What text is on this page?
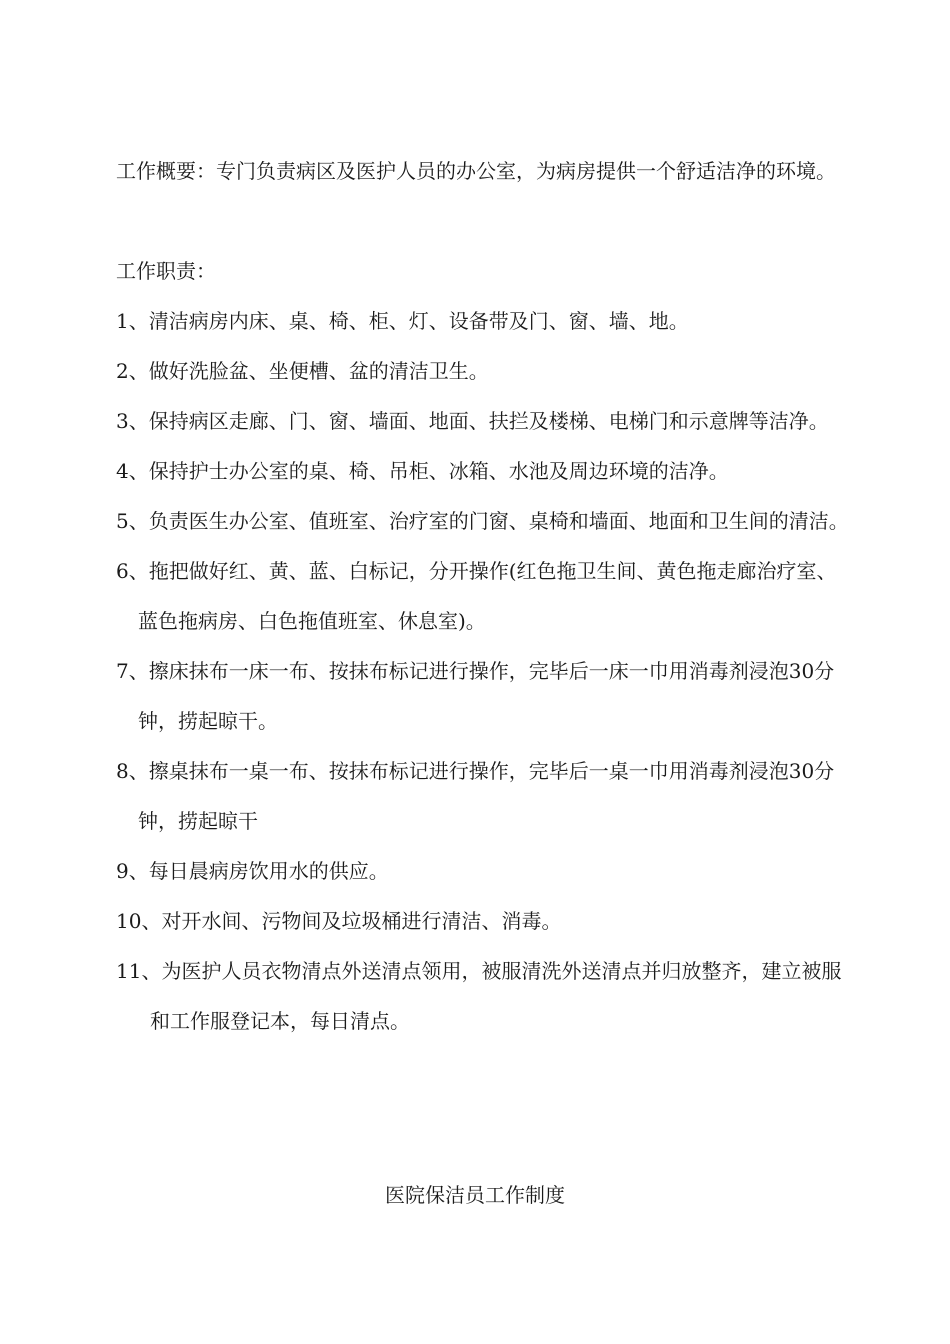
工作概要：专门负责病区及医护人员的办公室，为病房提供一个舒适洁净的环境。

工作职责：

1、清洁病房内床、桌、椅、柜、灯、设备带及门、窗、墙、地。
2、做好洗脸盆、坐便槽、盆的清洁卫生。
3、保持病区走廊、门、窗、墙面、地面、扶拦及楼梯、电梯门和示意牌等洁净。
4、保持护士办公室的桌、椅、吊柜、冰箱、水池及周边环境的洁净。
5、负责医生办公室、值班室、治疗室的门窗、桌椅和墙面、地面和卫生间的清洁。
6、拖把做好红、黄、蓝、白标记，分开操作(红色拖卫生间、黄色拖走廊治疗室、蓝色拖病房、白色拖值班室、休息室)。
7、擦床抹布一床一布、按抹布标记进行操作，完毕后一床一巾用消毒剂浸泡30分钟，捞起晾干。
8、擦桌抹布一桌一布、按抹布标记进行操作，完毕后一桌一巾用消毒剂浸泡30分钟，捞起晾干
9、每日晨病房饮用水的供应。
10、对开水间、污物间及垃圾桶进行清洁、消毒。
11、为医护人员衣物清点外送清点领用，被服清洗外送清点并归放整齐，建立被服和工作服登记本，每日清点。

医院保洁员工作制度
